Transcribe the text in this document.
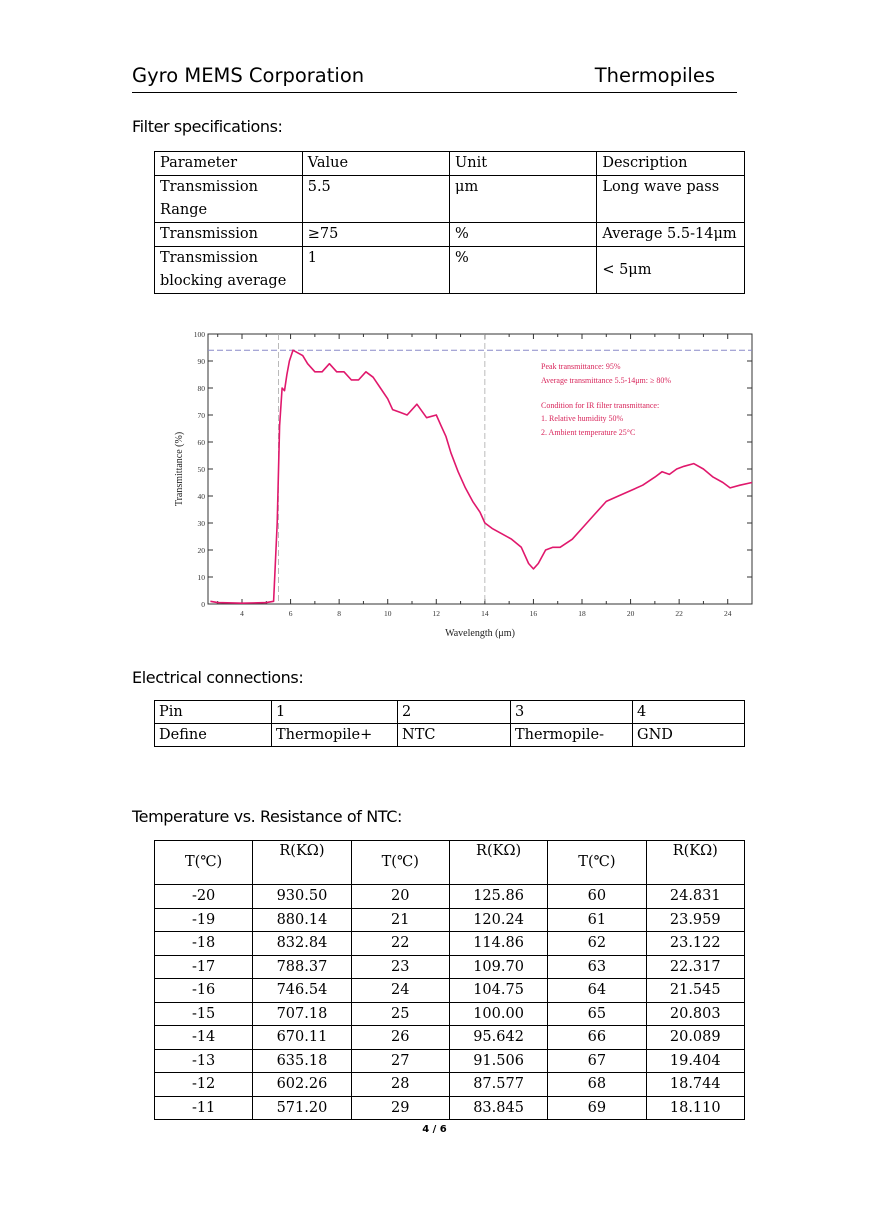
Gyro MEMS Corporation	Thermopiles
Filter specifications:
Parameter	Value	Unit	Description
Transmission Range	5.5	μm	Long wave pass
Transmission	≥75	%	Average 5.5-14μm
Transmission blocking average	1	%	< 5μm
4	6	8	10	12	14	16	18	20	22	24
0
10
20
30
40
50
60
70
80
90
100
Wavelength (μm)
Transmittance (%)
Peak transmittance: 95%
Average transmittance 5.5-14μm: ≥ 80%
Condition for IR filter transmittance:
1. Relative humidity 50%
2. Ambient temperature 25°C
Electrical connections:
Pin	1	2	3	4
Define	Thermopile+	NTC	Thermopile-	GND
Temperature vs. Resistance of NTC:
T(℃)	R(KΩ)	T(℃)	R(KΩ)	T(℃)	R(KΩ)

-20	930.50	20	125.86	60	24.831
-19	880.14	21	120.24	61	23.959
-18	832.84	22	114.86	62	23.122
-17	788.37	23	109.70	63	22.317
-16	746.54	24	104.75	64	21.545
-15	707.18	25	100.00	65	20.803
-14	670.11	26	95.642	66	20.089
-13	635.18	27	91.506	67	19.404
-12	602.26	28	87.577	68	18.744
-11	571.20	29	83.845	69	18.110
4 / 6
